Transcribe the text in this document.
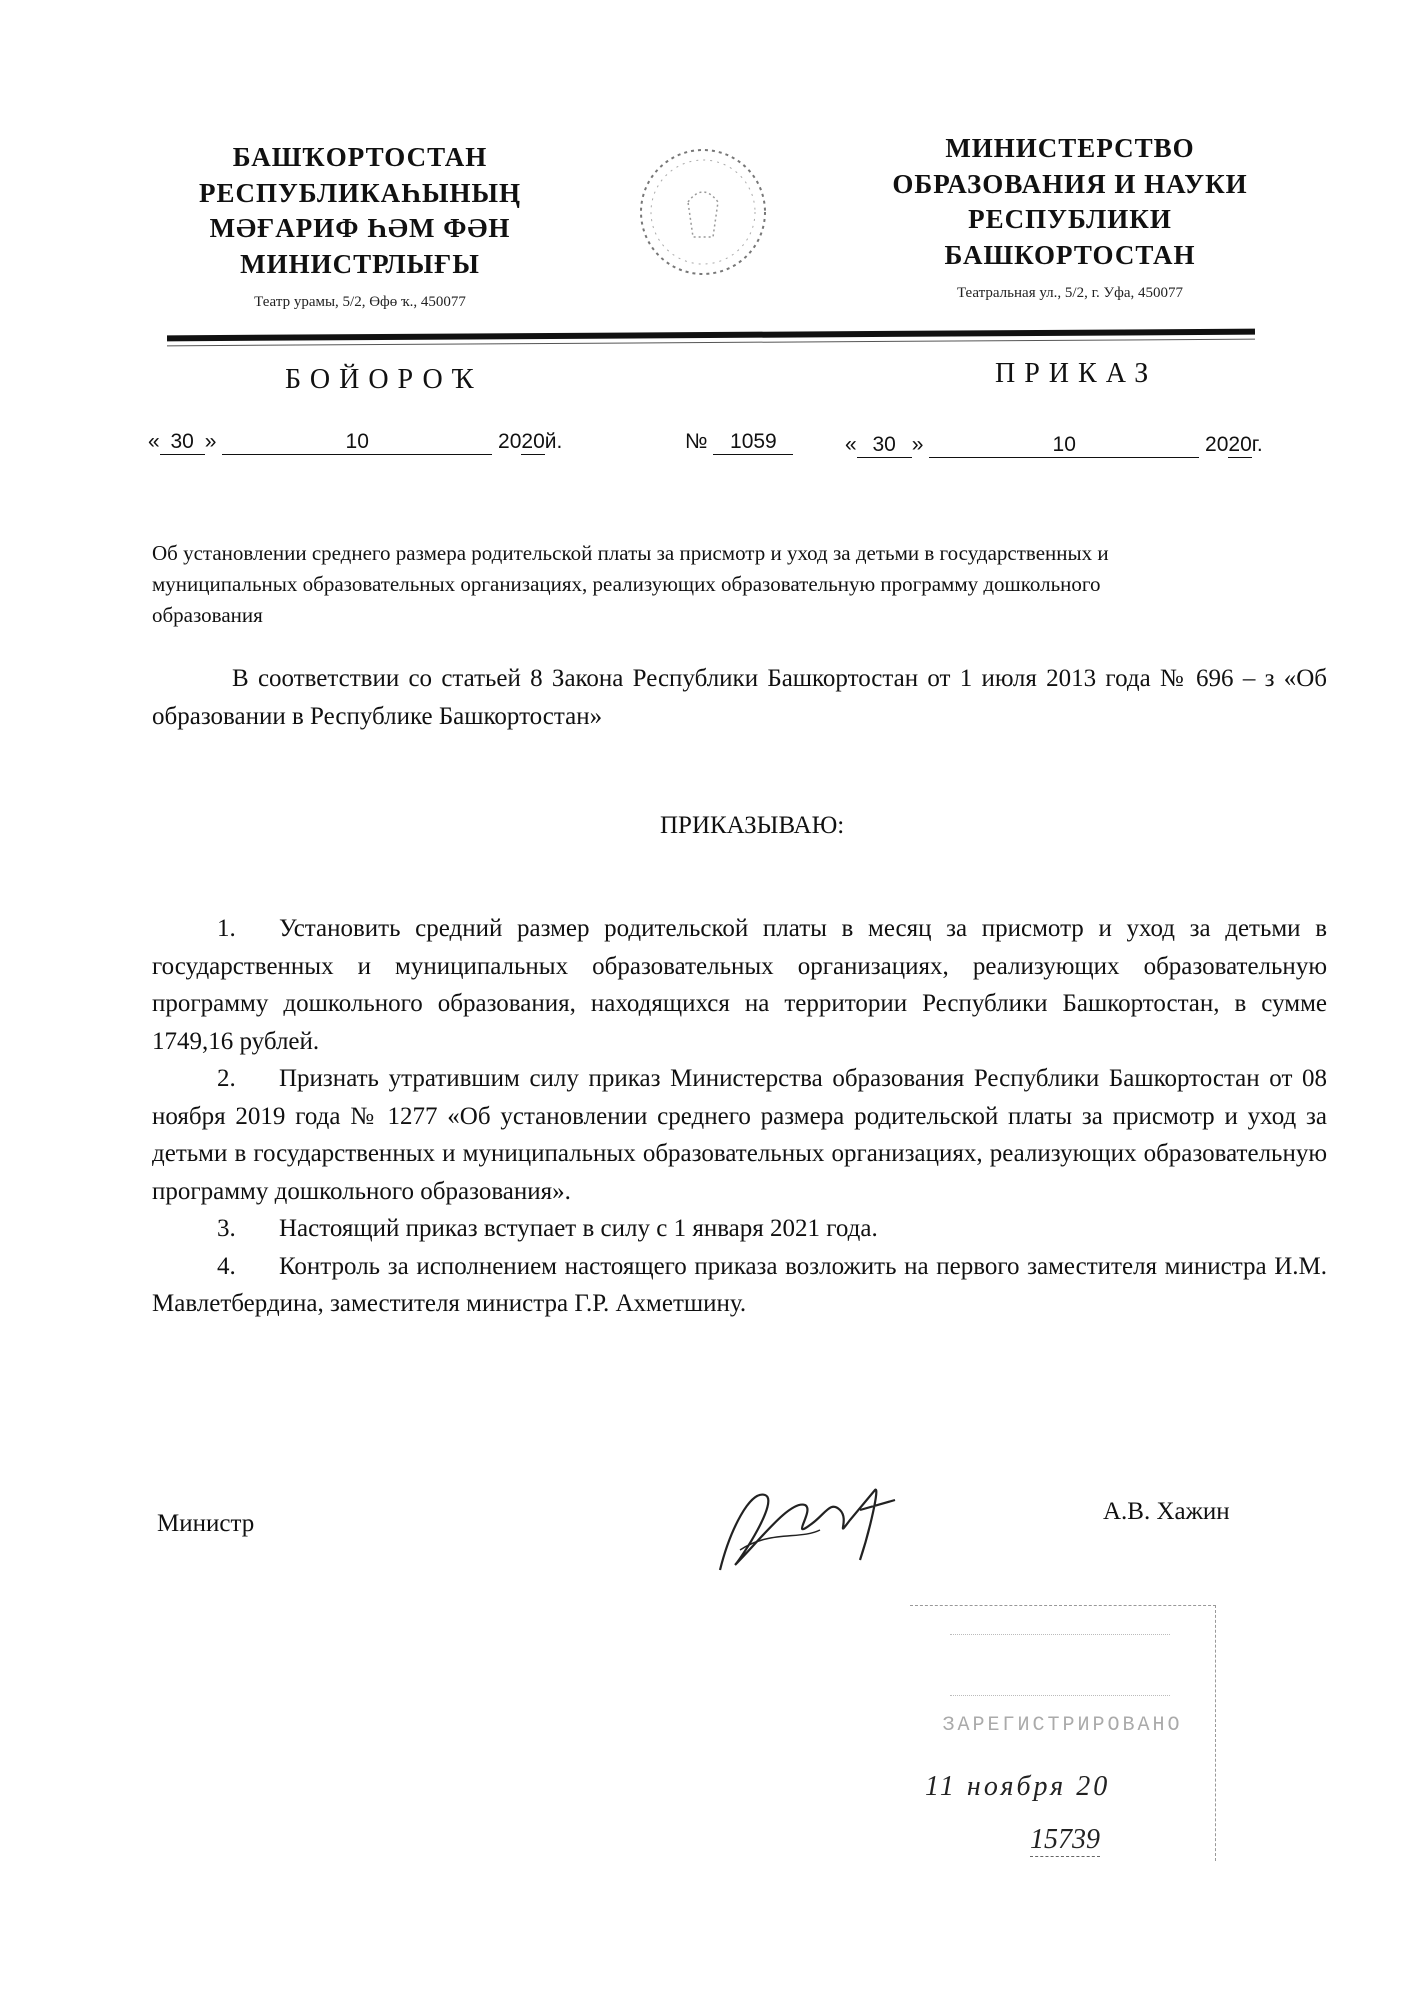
БАШҠОРТОСТАН
РЕСПУБЛИКАҺЫНЫҢ
МӘҒАРИФ ҺӘМ ФӘН
МИНИСТРЛЫҒЫ
Театр урамы, 5/2, Өфө ҡ., 450077
МИНИСТЕРСТВО
ОБРАЗОВАНИЯ И НАУКИ
РЕСПУБЛИКИ
БАШКОРТОСТАН
Театральная ул., 5/2, г. Уфа, 450077
БОЙОРОҠ	ПРИКАЗ
« 30 »	10	2020й.	№ 1059	« 30 »	10	2020г.
Об установлении среднего размера родительской платы за присмотр и уход за детьми в государственных и муниципальных образовательных организациях, реализующих образовательную программу дошкольного образования
В соответствии со статьей 8 Закона Республики Башкортостан от 1 июля 2013 года № 696 – з «Об образовании в Республике Башкортостан»
ПРИКАЗЫВАЮ:
1. Установить средний размер родительской платы в месяц за присмотр и уход за детьми в государственных и муниципальных образовательных организациях, реализующих образовательную программу дошкольного образования, находящихся на территории Республики Башкортостан, в сумме 1749,16 рублей.
2. Признать утратившим силу приказ Министерства образования Республики Башкортостан от 08 ноября 2019 года № 1277 «Об установлении среднего размера родительской платы за присмотр и уход за детьми в государственных и муниципальных образовательных организациях, реализующих образовательную программу дошкольного образования».
3. Настоящий приказ вступает в силу с 1 января 2021 года.
4. Контроль за исполнением настоящего приказа возложить на первого заместителя министра И.М. Мавлетбердина, заместителя министра Г.Р. Ахметшину.
Министр	А.В. Хажин
ЗАРЕГИСТРИРОВАНО
11 ноября 20
15739
